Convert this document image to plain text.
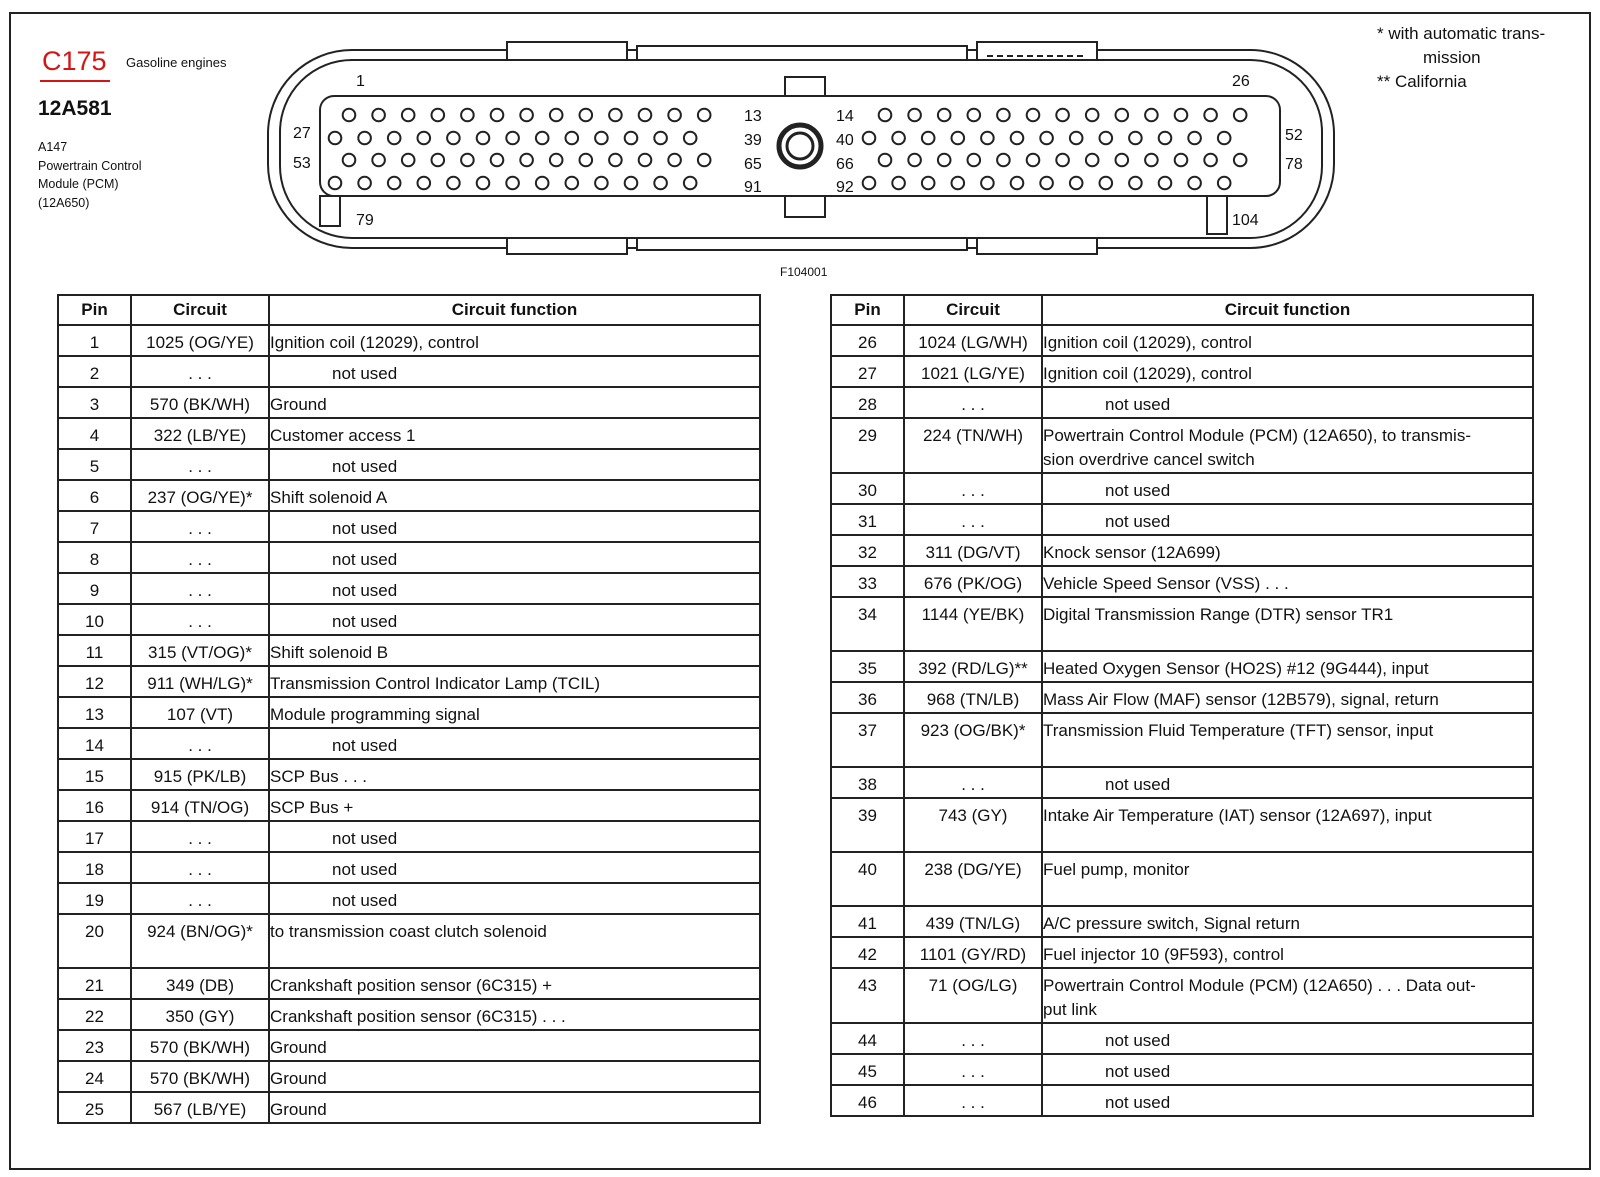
C175 Gasoline engines
12A581
A147
Powertrain Control
Module (PCM)
(12A650)
* with automatic trans-
mission
** California
1	26
27
53
79	104
13
39
65
91
14
40
66
92
52
78
F104001
Pin	Circuit	Circuit function

1	1025 (OG/YE)	Ignition coil (12029), control

2	. . .	not used

3	570 (BK/WH)	Ground

4	322 (LB/YE)	Customer access 1

5	. . .	not used

6	237 (OG/YE)*	Shift solenoid A

7	. . .	not used

8	. . .	not used

9	. . .	not used

10	. . .	not used

11	315 (VT/OG)*	Shift solenoid B

12	911 (WH/LG)*	Transmission Control Indicator Lamp (TCIL)

13	107 (VT)	Module programming signal

14	. . .	not used

15	915 (PK/LB)	SCP Bus . . .

16	914 (TN/OG)	SCP Bus +

17	. . .	not used

18	. . .	not used

19	. . .	not used

20	924 (BN/OG)*	to transmission coast clutch solenoid

21	349 (DB)	Crankshaft position sensor (6C315) +

22	350 (GY)	Crankshaft position sensor (6C315) . . .

23	570 (BK/WH)	Ground

24	570 (BK/WH)	Ground

25	567 (LB/YE)	Ground
Pin	Circuit	Circuit function

26	1024 (LG/WH)	Ignition coil (12029), control

27	1021 (LG/YE)	Ignition coil (12029), control

28	. . .	not used

29	224 (TN/WH)	Powertrain Control Module (PCM) (12A650), to transmis-
sion overdrive cancel switch

30	. . .	not used

31	. . .	not used

32	311 (DG/VT)	Knock sensor (12A699)

33	676 (PK/OG)	Vehicle Speed Sensor (VSS) . . .

34	1144 (YE/BK)	Digital Transmission Range (DTR) sensor TR1

35	392 (RD/LG)**	Heated Oxygen Sensor (HO2S) #12 (9G444), input

36	968 (TN/LB)	Mass Air Flow (MAF) sensor (12B579), signal, return

37	923 (OG/BK)*	Transmission Fluid Temperature (TFT) sensor, input

38	. . .	not used

39	743 (GY)	Intake Air Temperature (IAT) sensor (12A697), input

40	238 (DG/YE)	Fuel pump, monitor

41	439 (TN/LG)	A/C pressure switch, Signal return

42	1101 (GY/RD)	Fuel injector 10 (9F593), control

43	71 (OG/LG)	Powertrain Control Module (PCM) (12A650) . . . Data out-
put link

44	. . .	not used

45	. . .	not used

46	. . .	not used
